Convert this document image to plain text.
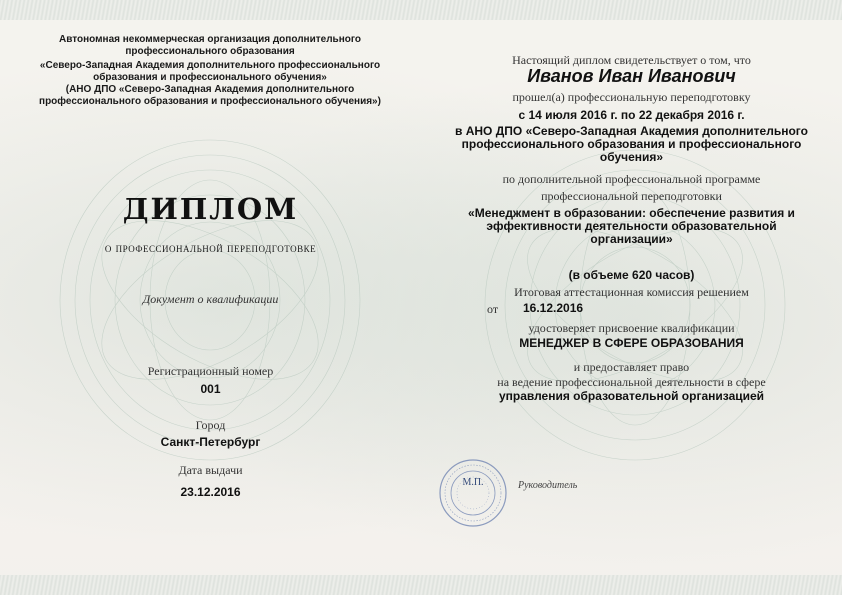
Автономная некоммерческая организация дополнительного
профессионального образования
«Северо-Западная Академия дополнительного профессионального
образования и профессионального обучения»
(АНО ДПО «Северо-Западная Академия дополнительного
профессионального образования и профессионального обучения»)
ДИПЛОМ
о профессиональной переподготовке
Документ о квалификации
Регистрационный номер
001
Город
Санкт-Петербург
Дата выдачи
23.12.2016
Настоящий диплом свидетельствует о том, что
Иванов Иван Иванович
прошел(а) профессиональную переподготовку
с 14 июля 2016 г. по 22 декабря 2016 г.
в АНО ДПО «Северо-Западная Академия дополнительного
профессионального образования и профессионального
обучения»
по дополнительной профессиональной программе
профессиональной переподготовки
«Менеджмент в образовании: обеспечение развития и
эффективности деятельности образовательной
организации»
(в объеме 620 часов)
Итоговая аттестационная комиссия решением
от 16.12.2016
удостоверяет присвоение квалификации
МЕНЕДЖЕР В СФЕРЕ ОБРАЗОВАНИЯ
и предоставляет право
на ведение профессиональной деятельности в сфере
управления образовательной организацией
М.П.	Руководитель
